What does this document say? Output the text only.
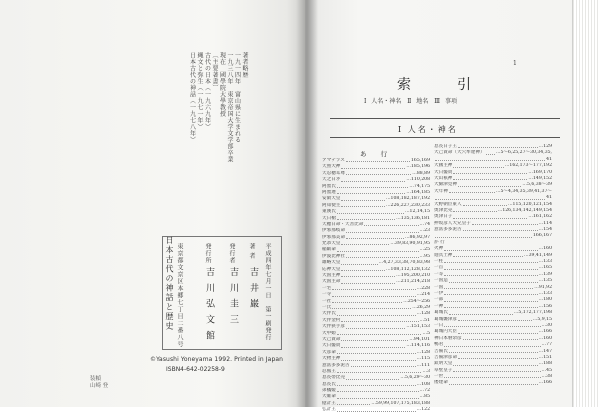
著者略歴
一九一四年　富山県に生まれる
一九三八年　東京帝国大学文学部卒業
現在　國學院大學教授
〔主要著書〕
古代の日本（一九六九年）
縄文と弥生（一九七一年）
日本古代の神話（一九七八年）
平成四年七月一日　第一刷発行
著 者
吉 井 巌
発行者
吉 川 圭 三
発行所
吉 川 弘 文 館
東京都文京区本郷七丁目二番八号
日本古代の神話と歴史
©Yasushi Yoneyama 1992. Printed in Japan
ISBN4-642-02258-9
装幀
山崎 登
1
索　引
Ⅰ 人名・神名　Ⅱ 地名　Ⅲ 事項
Ⅰ 人名・神名
あ 行
アマテラス	165,169
天照大神	…185,196
天忍穂耳尊	…88,89
天之日矛	…110,208
阿曇氏	…74,175
阿曇連	…164,185
安閑天皇	…108,182,187,192
阿知使主	…226,227,230,233
東漢氏	…12,14,15
天日槍	…135,136,181
天穂日命・天菩比命	…74
伊邪那岐命	…23
伊邪那美命	…86,92,97
允恭天皇	…39,83,90,91,95
稲飯命	…25
伊波比神社	…95
雄略天皇	…4,27,33,38,70,83,98
応神天皇	…108,112,128,132
大国主神	…195,200,210
大国主命	…211,214,218
一宅	…228
一寺	…214
一社	…254～256
一氏	…26,29
大伴氏	…128
大伴金村	…51
大伴狭手彦	…151,153
大中姫	…5
大己貴命	…94,101
大日孁貴	…114,116
大彦命	…128
大物主神	…115
意富多多泥古	…111
忍熊王	…3
息長帯比売	…5,6,29～30
息長氏	…108
弟橘媛	…72
大碓命	…85
億計王	…59,99,107,175,183,188
弘計王	…122
息長日子王	…129
大己貴命（大穴牟遅神） …5～6,25,27～30,34,35,
41
大國主神	…162,173～177,192
大日孁貴	…169,170
大山祇神	…149,152
大綿津見神	…5,6,38～39
大年神	…5～4,34,35,39,41,37～
41
大野朝臣東人	…115,120,121,154
奥津比売	…126,134,142,149,154
奥津日子	…161,162
押坂彦人大兄皇子	…114
意富多多泥古	…154
166,167
か 行
火神	…160
迦具土神	…39,41,149
一柱	…133
一首	…165
一等	…139
一国造	…135
一国	…91,92
一伊	…133
一部	…180
一神	…156
葛城氏	…5,172,177,198
葛城襲津彦	…5,9,15
一日	…30
葛城円大臣	…166
神日本磐余彦	…160
鴨君	…77
吉備氏	…147
吉備津彦命	…151
欽明天皇	…188
草壁皇子	…45
一世	…38
倭建命	…166
